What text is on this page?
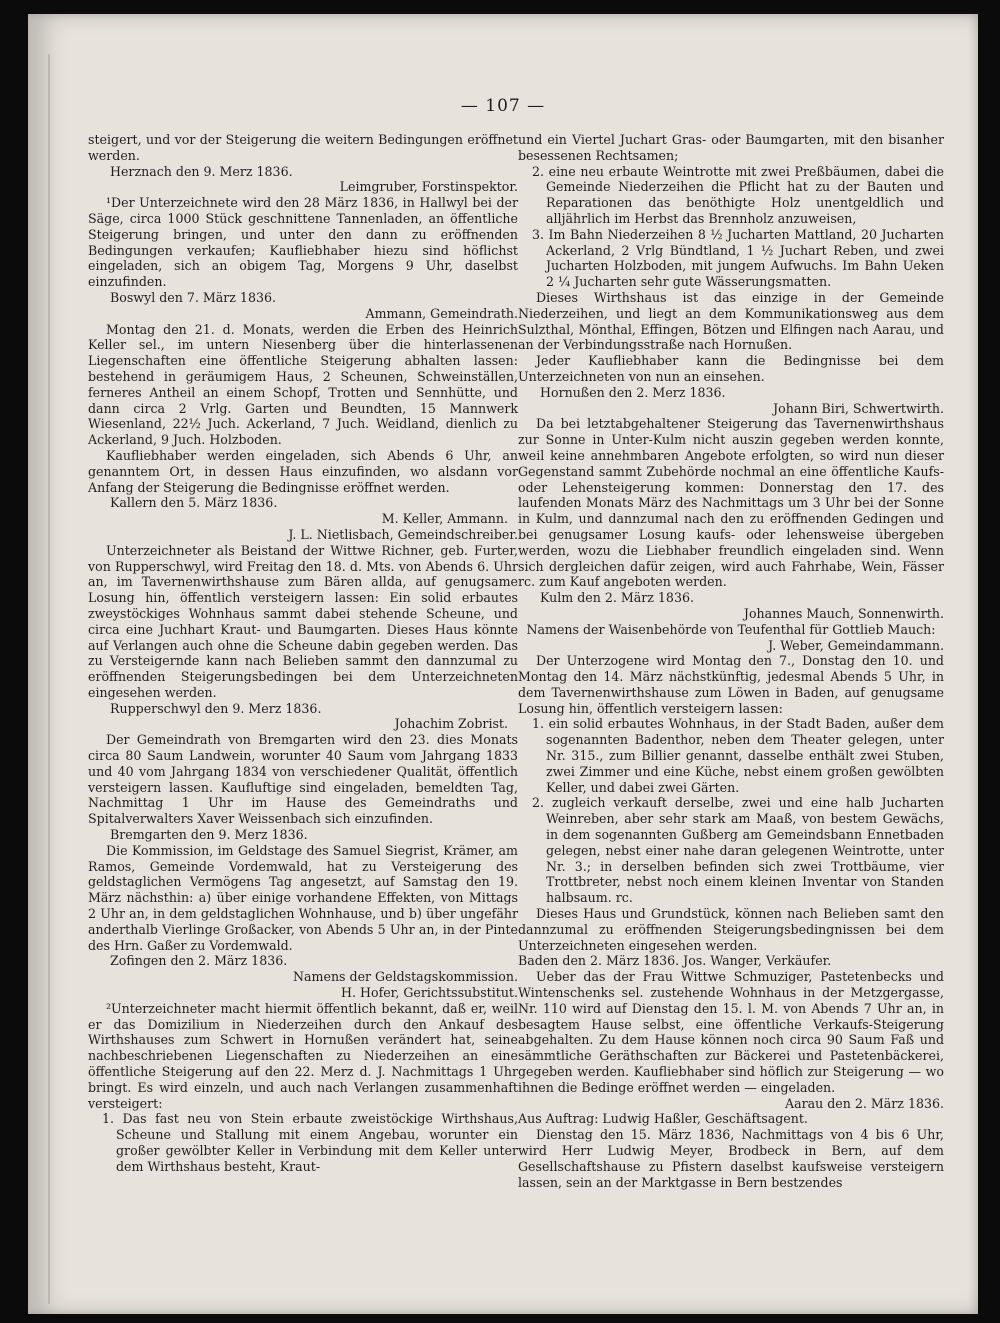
— 107 —

steigert, und vor der Steigerung die weitern Bedingungen eröffnet werden.

Herznach den 9. Merz 1836.

Leimgruber, Forstinspektor.

¹Der Unterzeichnete wird den 28 März 1836, in Hallwyl bei der Säge, circa 1000 Stück geschnittene Tannenladen, an öffentliche Steigerung bringen, und unter den dann zu eröffnenden Bedingungen verkaufen; Kaufliebhaber hiezu sind höflichst eingeladen, sich an obigem Tag, Morgens 9 Uhr, daselbst einzufinden.

Boswyl den 7. März 1836.

Ammann, Gemeindrath.

Montag den 21. d. Monats, werden die Erben des Heinrich Keller sel., im untern Niesenberg über die hinterlassenen Liegenschaften eine öffentliche Steigerung abhalten lassen: bestehend in geräumigem Haus, 2 Scheunen, Schweinställen, ferneres Antheil an einem Schopf, Trotten und Sennhütte, und dann circa 2 Vrlg. Garten und Beundten, 15 Mannwerk Wiesenland, 22½ Juch. Ackerland, 7 Juch. Weidland, dienlich zu Ackerland, 9 Juch. Holzboden.

Kaufliebhaber werden eingeladen, sich Abends 6 Uhr, an genanntem Ort, in dessen Haus einzufinden, wo alsdann vor Anfang der Steigerung die Bedingnisse eröffnet werden.

Kallern den 5. März 1836.

M. Keller, Ammann.

J. L. Nietlisbach, Gemeindschreiber.

Unterzeichneter als Beistand der Wittwe Richner, geb. Furter, von Rupperschwyl, wird Freitag den 18. d. Mts. von Abends 6. Uhr an, im Tavernenwirthshause zum Bären allda, auf genugsame Losung hin, öffentlich versteigern lassen: Ein solid erbautes zweystöckiges Wohnhaus sammt dabei stehende Scheune, und circa eine Juchhart Kraut- und Baumgarten. Dieses Haus könnte auf Verlangen auch ohne die Scheune dabin gegeben werden. Das zu Versteigernde kann nach Belieben sammt den dannzumal zu eröffnenden Steigerungsbedingen bei dem Unterzeichneten eingesehen werden.

Rupperschwyl den 9. Merz 1836.

Johachim Zobrist.

Der Gemeindrath von Bremgarten wird den 23. dies Monats circa 80 Saum Landwein, worunter 40 Saum vom Jahrgang 1833 und 40 vom Jahrgang 1834 von verschiedener Qualität, öffentlich versteigern lassen. Kaufluftige sind eingeladen, bemeldten Tag, Nachmittag 1 Uhr im Hause des Gemeindraths und Spitalverwalters Xaver Weissenbach sich einzufinden.

Bremgarten den 9. Merz 1836.

Die Kommission, im Geldstage des Samuel Siegrist, Krämer, am Ramos, Gemeinde Vordemwald, hat zu Versteigerung des geldstaglichen Vermögens Tag angesetzt, auf Samstag den 19. März nächsthin: a) über einige vorhandene Effekten, von Mittags 2 Uhr an, in dem geldstaglichen Wohnhause, und b) über ungefähr anderthalb Vierlinge Großacker, von Abends 5 Uhr an, in der Pinte des Hrn. Gaßer zu Vordemwald.

Zofingen den 2. März 1836.

Namens der Geldstagskommission.

H. Hofer, Gerichtssubstitut.

²Unterzeichneter macht hiermit öffentlich bekannt, daß er, weil er das Domizilium in Niederzeihen durch den Ankauf des Wirthshauses zum Schwert in Hornußen verändert hat, seine nachbeschriebenen Liegenschaften zu Niederzeihen an eine öffentliche Steigerung auf den 22. Merz d. J. Nachmittags 1 Uhr bringt. Es wird einzeln, und auch nach Verlangen zusammenhaft versteigert:

1. Das fast neu von Stein erbaute zweistöckige Wirthshaus, Scheune und Stallung mit einem Angebau, worunter ein großer gewölbter Keller in Verbindung mit dem Keller unter dem Wirthshaus besteht, Kraut-

und ein Viertel Juchart Gras- oder Baumgarten, mit den bisanher besessenen Rechtsamen;

2. eine neu erbaute Weintrotte mit zwei Preßbäumen, dabei die Gemeinde Niederzeihen die Pflicht hat zu der Bauten und Reparationen das benöthigte Holz unentgeldlich und alljährlich im Herbst das Brennholz anzuweisen,

3. Im Bahn Niederzeihen 8 ½ Jucharten Mattland, 20 Jucharten Ackerland, 2 Vrlg Bündtland, 1 ½ Juchart Reben, und zwei Jucharten Holzboden, mit jungem Aufwuchs. Im Bahn Ueken 2 ¼ Jucharten sehr gute Wässerungsmatten.

Dieses Wirthshaus ist das einzige in der Gemeinde Niederzeihen, und liegt an dem Kommunikationsweg aus dem Sulzthal, Mönthal, Effingen, Bötzen und Elfingen nach Aarau, und an der Verbindungsstraße nach Hornußen.

Jeder Kaufliebhaber kann die Bedingnisse bei dem Unterzeichneten von nun an einsehen.

Hornußen den 2. Merz 1836.

Johann Biri, Schwertwirth.

Da bei letztabgehaltener Steigerung das Tavernenwirthshaus zur Sonne in Unter-Kulm nicht auszin gegeben werden konnte, weil keine annehmbaren Angebote erfolgten, so wird nun dieser Gegenstand sammt Zubehörde nochmal an eine öffentliche Kaufs- oder Lehensteigerung kommen: Donnerstag den 17. des laufenden Monats März des Nachmittags um 3 Uhr bei der Sonne in Kulm, und dannzumal nach den zu eröffnenden Gedingen und bei genugsamer Losung kaufs- oder lehensweise übergeben werden, wozu die Liebhaber freundlich eingeladen sind. Wenn sich dergleichen dafür zeigen, wird auch Fahrhabe, Wein, Fässer rc. zum Kauf angeboten werden.

Kulm den 2. März 1836.

Johannes Mauch, Sonnenwirth.

Namens der Waisenbehörde von Teufenthal für Gottlieb Mauch:

J. Weber, Gemeindammann.

Der Unterzogene wird Montag den 7., Donstag den 10. und Montag den 14. März nächstkünftig, jedesmal Abends 5 Uhr, in dem Tavernenwirthshause zum Löwen in Baden, auf genugsame Losung hin, öffentlich versteigern lassen:

1. ein solid erbautes Wohnhaus, in der Stadt Baden, außer dem sogenannten Badenthor, neben dem Theater gelegen, unter Nr. 315., zum Billier genannt, dasselbe enthält zwei Stuben, zwei Zimmer und eine Küche, nebst einem großen gewölbten Keller, und dabei zwei Gärten.

2. zugleich verkauft derselbe, zwei und eine halb Jucharten Weinreben, aber sehr stark am Maaß, von bestem Gewächs, in dem sogenannten Gußberg am Gemeindsbann Ennetbaden gelegen, nebst einer nahe daran gelegenen Weintrotte, unter Nr. 3.; in derselben befinden sich zwei Trottbäume, vier Trottbreter, nebst noch einem kleinen Inventar von Standen halbsaum. rc.

Dieses Haus und Grundstück, können nach Belieben samt den dannzumal zu eröffnenden Steigerungsbedingnissen bei dem Unterzeichneten eingesehen werden.

Baden den 2. März 1836. Jos. Wanger, Verkäufer.

Ueber das der Frau Wittwe Schmuziger, Pastetenbecks und Wintenschenks sel. zustehende Wohnhaus in der Metzgergasse, Nr. 110 wird auf Dienstag den 15. l. M. von Abends 7 Uhr an, in besagtem Hause selbst, eine öffentliche Verkaufs-Steigerung abgehalten. Zu dem Hause können noch circa 90 Saum Faß und sämmtliche Geräthschaften zur Bäckerei und Pastetenbäckerei, gegeben werden. Kaufliebhaber sind höflich zur Steigerung — wo ihnen die Bedinge eröffnet werden — eingeladen.

Aarau den 2. März 1836.

Aus Auftrag: Ludwig Haßler, Geschäftsagent.

Dienstag den 15. März 1836, Nachmittags von 4 bis 6 Uhr, wird Herr Ludwig Meyer, Brodbeck in Bern, auf dem Gesellschaftshause zu Pfistern daselbst kaufsweise versteigern lassen, sein an der Marktgasse in Bern bestzendes
